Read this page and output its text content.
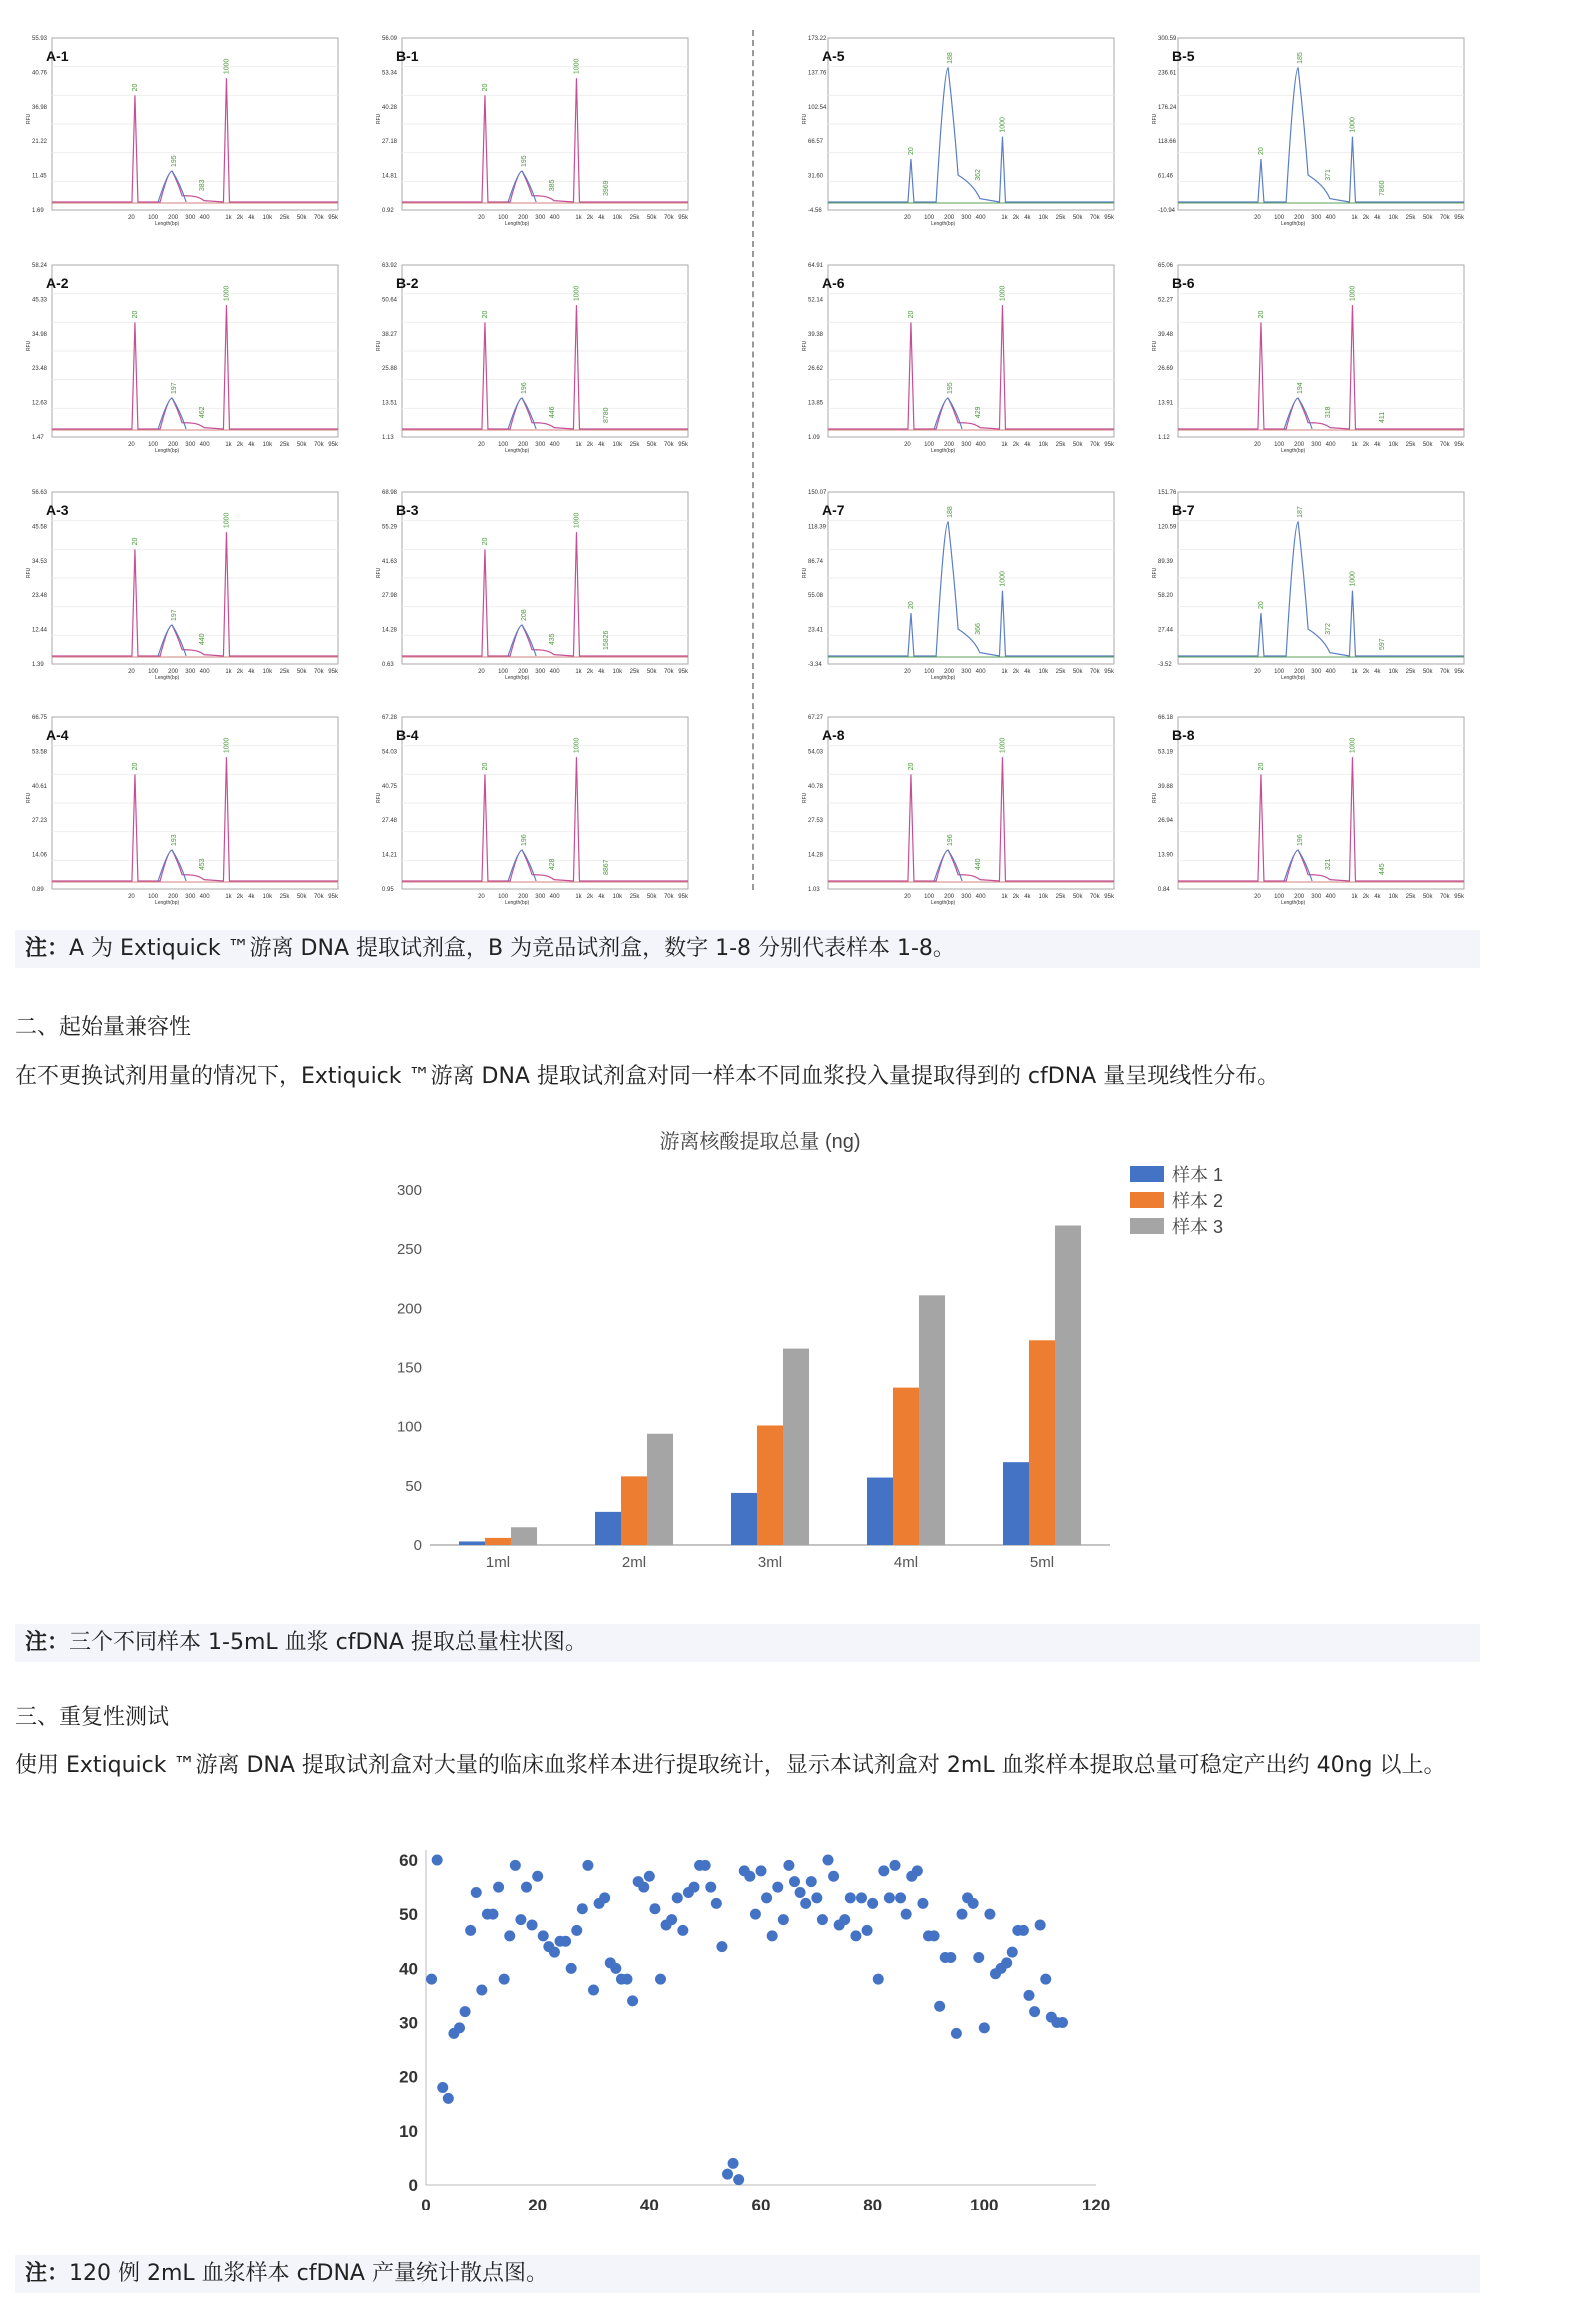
RFU
55.93
40.76
36.98
21.22
11.45
1.69
20 100 200 300 400	1k 2k 4k 10k 25k 50k 70k 95k
Length(bp)
20
1000
195
383
A-1
RFU
56.09
53.34
40.28
27.18
14.81
0.92
20 100 200 300 400	1k 2k 4k 10k 25k 50k 70k 95k
Length(bp)
20
1000
195
385	3969
B-1
RFU
173.22
137.76
102.54
66.57
31.60
-4.56
20 100 200 300 400	1k 2k 4k 10k 25k 50k 70k 95k
Length(bp)
20
1000
188
362
A-5
RFU
300.59
236.61
176.24
118.66
61.46
-10.94
20 100 200 300 400	1k 2k 4k 10k 25k 50k 70k 95k
Length(bp)
20
1000
185
371
7860
B-5
RFU
58.24
45.33
34.98
23.48
12.63
1.47
20 100 200 300 400	1k 2k 4k 10k 25k 50k 70k 95k
Length(bp)
20
1000
197
462
A-2
RFU
63.92
50.64
38.27
25.88
13.51
1.13
20 100 200 300 400	1k 2k 4k 10k 25k 50k 70k 95k
Length(bp)
20
1000
196
446	8780
B-2
RFU
64.91
52.14
39.38
26.62
13.85
1.09
20 100 200 300 400	1k 2k 4k 10k 25k 50k 70k 95k
Length(bp)
20
1000
195
429
A-6
RFU
65.06
52.27
39.48
26.69
13.91
1.12
20 100 200 300 400	1k 2k 4k 10k 25k 50k 70k 95k
Length(bp)
20
1000
194
318	411
B-6
RFU
56.63
45.58
34.53
23.48
12.44
1.39
20 100 200 300 400	1k 2k 4k 10k 25k 50k 70k 95k
Length(bp)
20
1000
197
440
A-3
RFU
68.98
55.29
41.63
27.98
14.28
0.63
20 100 200 300 400	1k 2k 4k 10k 25k 50k 70k 95k
Length(bp)
20
1000
208
435	15826
B-3
RFU
150.07
118.39
86.74
55.08
23.41
-3.34
20 100 200 300 400	1k 2k 4k 10k 25k 50k 70k 95k
Length(bp)
20
1000
188
366
A-7
RFU
151.76
120.59
89.39
58.20
27.44
-3.52
20 100 200 300 400	1k 2k 4k 10k 25k 50k 70k 95k
Length(bp)
20
1000
187
372
597
B-7
RFU
66.75
53.58
40.61
27.23
14.06
0.89
20 100 200 300 400	1k 2k 4k 10k 25k 50k 70k 95k
Length(bp)
20
1000
193
453
A-4
RFU
67.28
54.03
40.75
27.48
14.21
0.95
20 100 200 300 400	1k 2k 4k 10k 25k 50k 70k 95k
Length(bp)
20
1000
196
428	8867
B-4
RFU
67.27
54.03
40.78
27.53
14.28
1.03
20 100 200 300 400	1k 2k 4k 10k 25k 50k 70k 95k
Length(bp)
20
1000
196
440
A-8
RFU
66.18
53.19
39.88
26.94
13.90
0.84
20 100 200 300 400	1k 2k 4k 10k 25k 50k 70k 95k
Length(bp)
20
1000
196
321	445
B-8
注：A 为 Extiquick ™游离 DNA 提取试剂盒，B 为竞品试剂盒，数字 1-8 分别代表样本 1-8。
二、起始量兼容性
在不更换试剂用量的情况下，Extiquick ™游离 DNA 提取试剂盒对同一样本不同血浆投入量提取得到的 cfDNA 量呈现线性分布。
游离核酸提取总量 (ng)
0
50
100
150
200
250
300
1ml	2ml	3ml	4ml	5ml
样本 1
样本 2
样本 3
注：三个不同样本 1-5mL 血浆 cfDNA 提取总量柱状图。
三、重复性测试
使用 Extiquick ™游离 DNA 提取试剂盒对大量的临床血浆样本进行提取统计，显示本试剂盒对 2mL 血浆样本提取总量可稳定产出约 40ng 以上。
0
10
20
30
40
50
60
0	20	40	60	80	100	120
注：120 例 2mL 血浆样本 cfDNA 产量统计散点图。
